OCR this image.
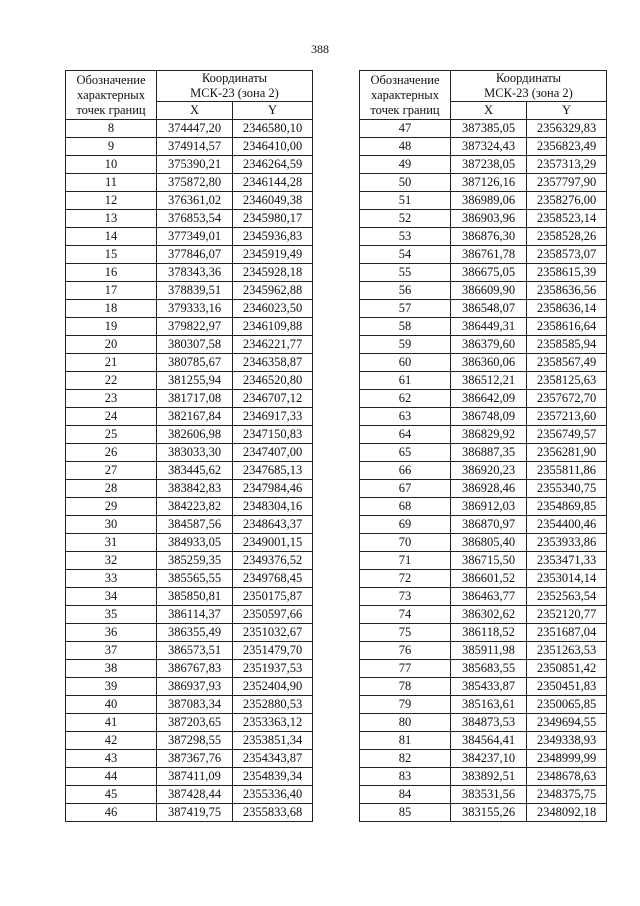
388
Обозначение
характерных
точек границ	Координаты
МСК-23 (зона 2)	
	X	Y
8	374447,20	2346580,10
9	374914,57	2346410,00
10	375390,21	2346264,59
11	375872,80	2346144,28
12	376361,02	2346049,38
13	376853,54	2345980,17
14	377349,01	2345936,83
15	377846,07	2345919,49
16	378343,36	2345928,18
17	378839,51	2345962,88
18	379333,16	2346023,50
19	379822,97	2346109,88
20	380307,58	2346221,77
21	380785,67	2346358,87
22	381255,94	2346520,80
23	381717,08	2346707,12
24	382167,84	2346917,33
25	382606,98	2347150,83
26	383033,30	2347407,00
27	383445,62	2347685,13
28	383842,83	2347984,46
29	384223,82	2348304,16
30	384587,56	2348643,37
31	384933,05	2349001,15
32	385259,35	2349376,52
33	385565,55	2349768,45
34	385850,81	2350175,87
35	386114,37	2350597,66
36	386355,49	2351032,67
37	386573,51	2351479,70
38	386767,83	2351937,53
39	386937,93	2352404,90
40	387083,34	2352880,53
41	387203,65	2353363,12
42	387298,55	2353851,34
43	387367,76	2354343,87
44	387411,09	2354839,34
45	387428,44	2355336,40
46	387419,75	2355833,68
Обозначение
характерных
точек границ	Координаты
МСК-23 (зона 2)	
	X	Y
47	387385,05	2356329,83
48	387324,43	2356823,49
49	387238,05	2357313,29
50	387126,16	2357797,90
51	386989,06	2358276,00
52	386903,96	2358523,14
53	386876,30	2358528,26
54	386761,78	2358573,07
55	386675,05	2358615,39
56	386609,90	2358636,56
57	386548,07	2358636,14
58	386449,31	2358616,64
59	386379,60	2358585,94
60	386360,06	2358567,49
61	386512,21	2358125,63
62	386642,09	2357672,70
63	386748,09	2357213,60
64	386829,92	2356749,57
65	386887,35	2356281,90
66	386920,23	2355811,86
67	386928,46	2355340,75
68	386912,03	2354869,85
69	386870,97	2354400,46
70	386805,40	2353933,86
71	386715,50	2353471,33
72	386601,52	2353014,14
73	386463,77	2352563,54
74	386302,62	2352120,77
75	386118,52	2351687,04
76	385911,98	2351263,53
77	385683,55	2350851,42
78	385433,87	2350451,83
79	385163,61	2350065,85
80	384873,53	2349694,55
81	384564,41	2349338,93
82	384237,10	2348999,99
83	383892,51	2348678,63
84	383531,56	2348375,75
85	383155,26	2348092,18
